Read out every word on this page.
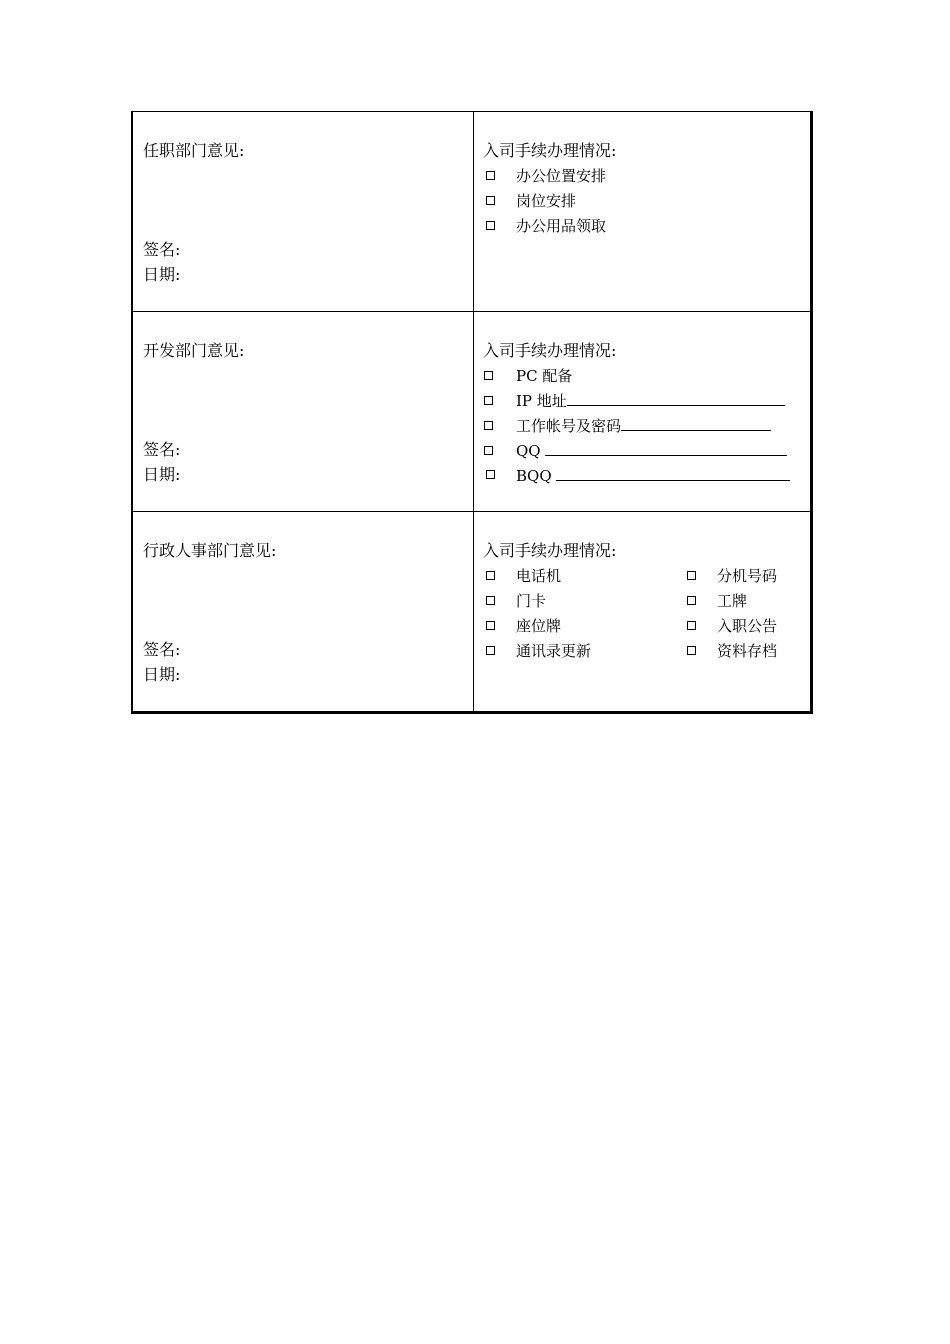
任职部门意见:
签名:
日期:
入司手续办理情况:
办公位置安排
岗位安排
办公用品领取
开发部门意见:
签名:
日期:
入司手续办理情况:
PC 配备
IP 地址
工作帐号及密码
QQ
BQQ
行政人事部门意见:
签名:
日期:
入司手续办理情况:
电话机
门卡
座位牌
通讯录更新
分机号码
工牌
入职公告
资料存档
